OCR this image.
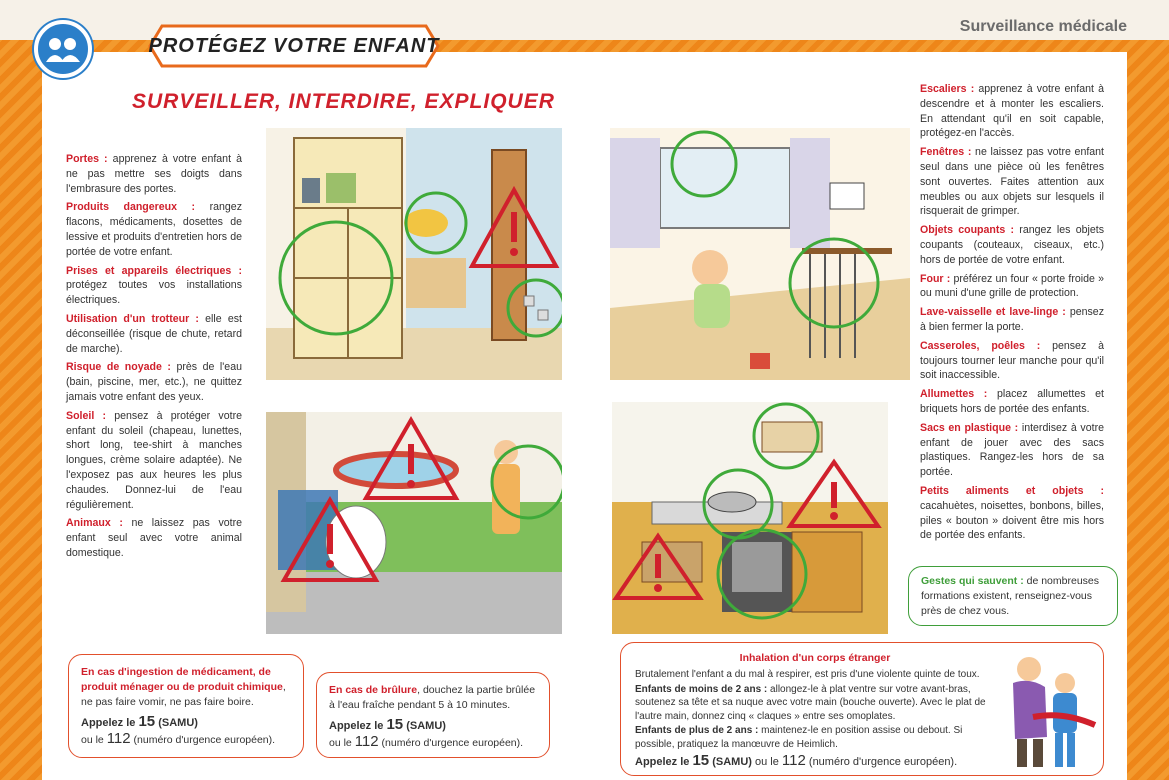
Surveillance médicale
PROTÉGEZ VOTRE ENFANT
SURVEILLER, INTERDIRE, EXPLIQUER

Portes : apprenez à votre enfant à ne pas mettre ses doigts dans l'embrasure des portes.

Produits dangereux : rangez flacons, médicaments, dosettes de lessive et produits d'entretien hors de portée de votre enfant.

Prises et appareils électriques : protégez toutes vos installations électriques.

Utilisation d'un trotteur : elle est déconseillée (risque de chute, retard de marche).

Risque de noyade : près de l'eau (bain, piscine, mer, etc.), ne quittez jamais votre enfant des yeux.

Soleil : pensez à protéger votre enfant du soleil (chapeau, lunettes, short long, tee-shirt à manches longues, crème solaire adaptée). Ne l'exposez pas aux heures les plus chaudes. Donnez-lui de l'eau régulièrement.

Animaux : ne laissez pas votre enfant seul avec votre animal domestique.

Escaliers : apprenez à votre enfant à descendre et à monter les escaliers. En attendant qu'il en soit capable, protégez-en l'accès.

Fenêtres : ne laissez pas votre enfant seul dans une pièce où les fenêtres sont ouvertes. Faites attention aux meubles ou aux objets sur lesquels il risquerait de grimper.

Objets coupants : rangez les objets coupants (couteaux, ciseaux, etc.) hors de portée de votre enfant.

Four : préférez un four « porte froide » ou muni d'une grille de protection.

Lave-vaisselle et lave-linge : pensez à bien fermer la porte.

Casseroles, poêles : pensez à toujours tourner leur manche pour qu'il soit inaccessible.

Allumettes : placez allumettes et briquets hors de portée des enfants.

Sacs en plastique : interdisez à votre enfant de jouer avec des sacs plastiques. Rangez-les hors de sa portée.

Petits aliments et objets : cacahuètes, noisettes, bonbons, billes, piles « bouton » doivent être mis hors de portée des enfants.

Gestes qui sauvent : de nombreuses formations existent, renseignez-vous près de chez vous.
En cas d'ingestion de médicament, de produit ménager ou de produit chimique, ne pas faire vomir, ne pas faire boire.
Appelez le 15 (SAMU)
ou le 112 (numéro d'urgence européen).
En cas de brûlure, douchez la partie brûlée à l'eau fraîche pendant 5 à 10 minutes.
Appelez le 15 (SAMU)
ou le 112 (numéro d'urgence européen).
Inhalation d'un corps étranger

Brutalement l'enfant a du mal à respirer, est pris d'une violente quinte de toux.

Enfants de moins de 2 ans : allongez-le à plat ventre sur votre avant-bras, soutenez sa tête et sa nuque avec votre main (bouche ouverte). Avec le plat de l'autre main, donnez cinq « claques » entre ses omoplates.

Enfants de plus de 2 ans : maintenez-le en position assise ou debout. Si possible, pratiquez la manœuvre de Heimlich.

Appelez le 15 (SAMU) ou le 112 (numéro d'urgence européen).
